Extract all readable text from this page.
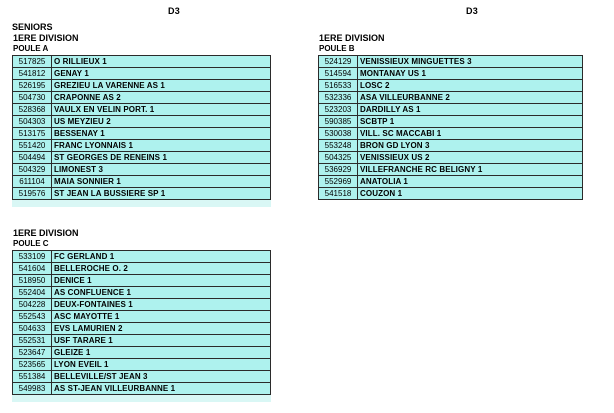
D3	D3
SENIORS
1ERE DIVISION
POULE A
517825	O RILLIEUX 1
541812	GENAY 1
526195	GREZIEU LA VARENNE AS 1
504730	CRAPONNE AS 2
528368	VAULX EN VELIN PORT. 1
504303	US MEYZIEU 2
513175	BESSENAY 1
551420	FRANC LYONNAIS 1
504494	ST GEORGES DE RENEINS 1
504329	LIMONEST 3
611104	MAIA SONNIER 1
519576	ST JEAN LA BUSSIERE SP 1
1ERE DIVISION
POULE B
524129	VENISSIEUX MINGUETTES 3
514594	MONTANAY US 1
516533	LOSC 2
532336	ASA VILLEURBANNE 2
523203	DARDILLY AS 1
590385	SCBTP 1
530038	VILL. SC MACCABI 1
553248	BRON GD LYON 3
504325	VENISSIEUX US 2
536929	VILLEFRANCHE RC BELIGNY 1
552969	ANATOLIA 1
541518	COUZON 1
1ERE DIVISION
POULE C
533109	FC GERLAND 1
541604	BELLEROCHE O. 2
518950	DENICE 1
552404	AS CONFLUENCE 1
504228	DEUX-FONTAINES 1
552543	ASC MAYOTTE 1
504633	EVS LAMURIEN 2
552531	USF TARARE 1
523647	GLEIZE 1
523565	LYON EVEIL 1
551384	BELLEVILLE/ST JEAN 3
549983	AS ST-JEAN VILLEURBANNE 1
